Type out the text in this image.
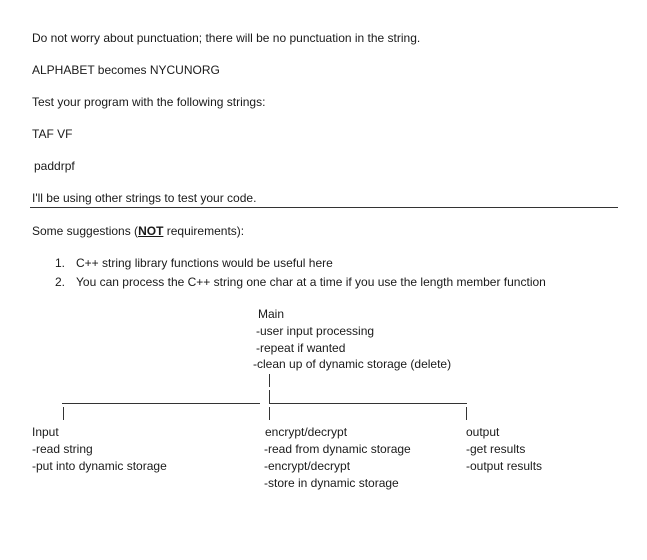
Do not worry about punctuation; there will be no punctuation in the string.
ALPHABET becomes NYCUNORG
Test your program with the following strings:
TAF VF
paddrpf
I'll be using other strings to test your code.
Some suggestions (NOT requirements):
1. C++ string library functions would be useful here
2. You can process the C++ string one char at a time if you use the length member function
Main
-user input processing
-repeat if wanted
-clean up of dynamic storage (delete)
Input
-read string
-put into dynamic storage
encrypt/decrypt
-read from dynamic storage
-encrypt/decrypt
-store in dynamic storage
output
-get results
-output results
